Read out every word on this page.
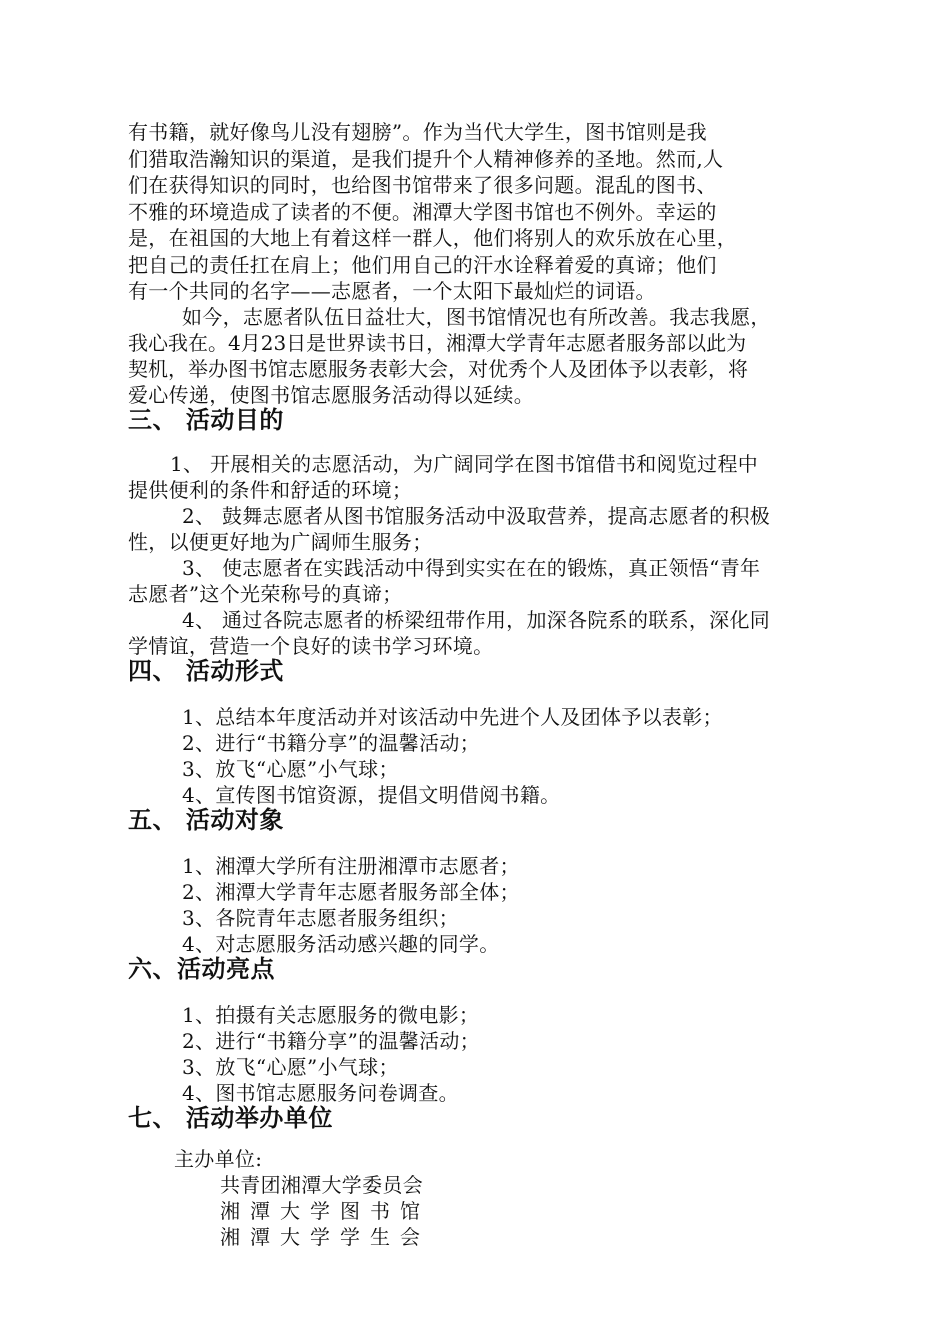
有书籍，就好像鸟儿没有翅膀”。作为当代大学生，图书馆则是我
们猎取浩瀚知识的渠道，是我们提升个人精神修养的圣地。然而,人
们在获得知识的同时，也给图书馆带来了很多问题。混乱的图书、
不雅的环境造成了读者的不便。湘潭大学图书馆也不例外。幸运的
是，在祖国的大地上有着这样一群人，他们将别人的欢乐放在心里，
把自己的责任扛在肩上；他们用自己的汗水诠释着爱的真谛；他们
有一个共同的名字——志愿者，一个太阳下最灿烂的词语。
如今，志愿者队伍日益壮大，图书馆情况也有所改善。我志我愿，
我心我在。4月23日是世界读书日，湘潭大学青年志愿者服务部以此为
契机，举办图书馆志愿服务表彰大会，对优秀个人及团体予以表彰，将
爱心传递，使图书馆志愿服务活动得以延续。
三、 活动目的
1、 开展相关的志愿活动，为广阔同学在图书馆借书和阅览过程中
提供便利的条件和舒适的环境；
2、 鼓舞志愿者从图书馆服务活动中汲取营养，提高志愿者的积极
性，以便更好地为广阔师生服务；
3、 使志愿者在实践活动中得到实实在在的锻炼，真正领悟“青年
志愿者”这个光荣称号的真谛；
4、 通过各院志愿者的桥梁纽带作用，加深各院系的联系，深化同
学情谊，营造一个良好的读书学习环境。
四、 活动形式
1、总结本年度活动并对该活动中先进个人及团体予以表彰；
2、进行“书籍分享”的温馨活动；
3、放飞“心愿”小气球；
4、宣传图书馆资源，提倡文明借阅书籍。
五、 活动对象
1、湘潭大学所有注册湘潭市志愿者；
2、湘潭大学青年志愿者服务部全体；
3、各院青年志愿者服务组织；
4、对志愿服务活动感兴趣的同学。
六、活动亮点
1、拍摄有关志愿服务的微电影；
2、进行“书籍分享”的温馨活动；
3、放飞“心愿”小气球；
4、图书馆志愿服务问卷调查。
七、 活动举办单位
主办单位:
共青团湘潭大学委员会
湘潭大学图书馆
湘潭大学学生会
